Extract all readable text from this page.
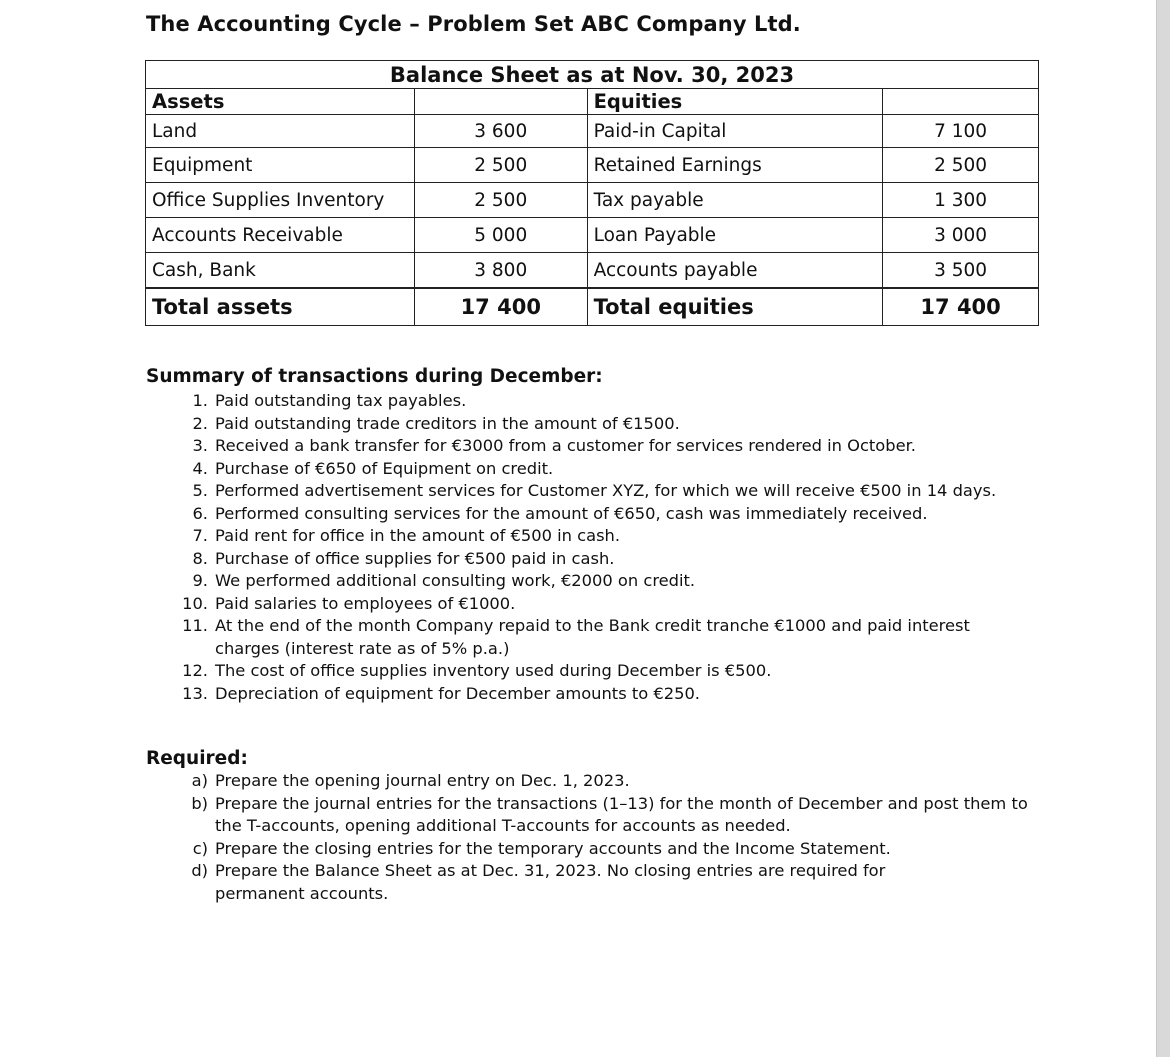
The Accounting Cycle – Problem Set ABC Company Ltd.
Balance Sheet as at Nov. 30, 2023			
Assets		Equities	
Land	3 600	Paid-in Capital	7 100
Equipment	2 500	Retained Earnings	2 500
Office Supplies Inventory	2 500	Tax payable	1 300
Accounts Receivable	5 000	Loan Payable	3 000
Cash, Bank	3 800	Accounts payable	3 500
Total assets	17 400	Total equities	17 400
Summary of transactions during December:
1. Paid outstanding tax payables.
2. Paid outstanding trade creditors in the amount of €1500.
3. Received a bank transfer for €3000 from a customer for services rendered in October.
4. Purchase of €650 of Equipment on credit.
5. Performed advertisement services for Customer XYZ, for which we will receive €500 in 14 days.
6. Performed consulting services for the amount of €650, cash was immediately received.
7. Paid rent for office in the amount of €500 in cash.
8. Purchase of office supplies for €500 paid in cash.
9. We performed additional consulting work, €2000 on credit.
10. Paid salaries to employees of €1000.
11. At the end of the month Company repaid to the Bank credit tranche €1000 and paid interest charges (interest rate as of 5% p.a.)
12. The cost of office supplies inventory used during December is €500.
13. Depreciation of equipment for December amounts to €250.
Required:
a) Prepare the opening journal entry on Dec. 1, 2023.
b) Prepare the journal entries for the transactions (1–13) for the month of December and post them to the T-accounts, opening additional T-accounts for accounts as needed.
c) Prepare the closing entries for the temporary accounts and the Income Statement.
d) Prepare the Balance Sheet as at Dec. 31, 2023. No closing entries are required for permanent accounts.
